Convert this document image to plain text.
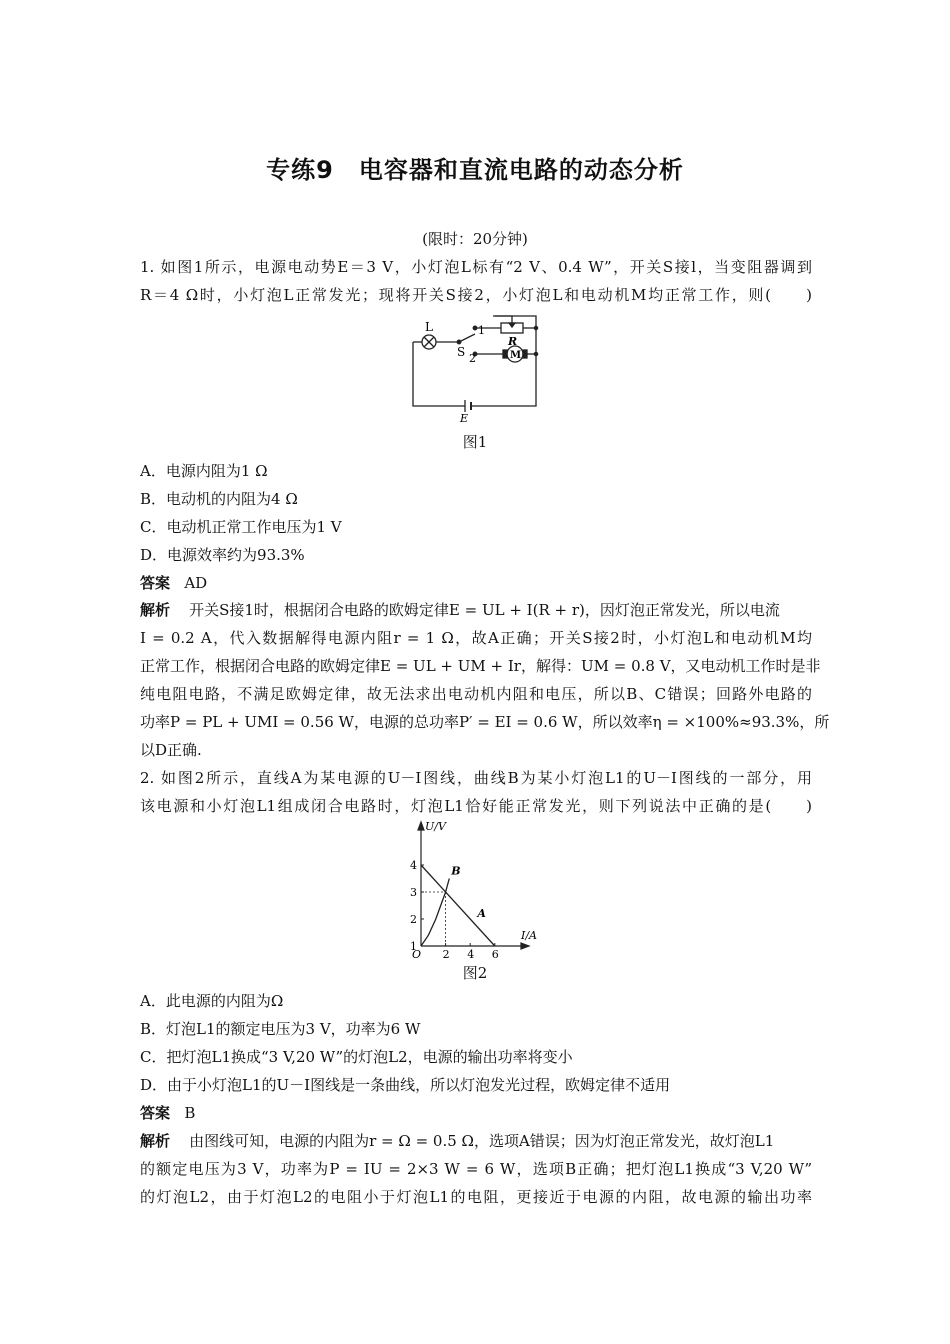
专练9　电容器和直流电路的动态分析
(限时：20分钟)
1. 如图1所示，电源电动势E＝3 V，小灯泡L标有“2 V、0.4 W”，开关S接l，当变阻器调到
R＝4 Ω时，小灯泡L正常发光；现将开关S接2，小灯泡L和电动机M均正常工作，则(　　)
L
S
1
2
R
M
E
图1
A．电源内阻为1 Ω
B．电动机的内阻为4 Ω
C．电动机正常工作电压为1 V
D．电源效率约为93.3%
答案 AD
解析 开关S接1时，根据闭合电路的欧姆定律E = UL + I(R + r)，因灯泡正常发光，所以电流
I = 0.2 A，代入数据解得电源内阻r = 1 Ω，故A正确；开关S接2时，小灯泡L和电动机M均
正常工作，根据闭合电路的欧姆定律E = UL + UM + Ir，解得：UM = 0.8 V，又电动机工作时是非
纯电阻电路，不满足欧姆定律，故无法求出电动机内阻和电压，所以B、C错误；回路外电路的
功率P = PL + UMI = 0.56 W，电源的总功率P′ = EI = 0.6 W，所以效率η = ×100%≈93.3%，所
以D正确.
2. 如图2所示，直线A为某电源的U－I图线，曲线B为某小灯泡L1的U－I图线的一部分，用
该电源和小灯泡L1组成闭合电路时，灯泡L1恰好能正常发光，则下列说法中正确的是(　　)
A
B
2 4 6
1
2
3
4
O
U/V
I/A
图2
A．此电源的内阻为Ω
B．灯泡L1的额定电压为3 V，功率为6 W
C．把灯泡L1换成“3 V,20 W”的灯泡L2，电源的输出功率将变小
D．由于小灯泡L1的U－I图线是一条曲线，所以灯泡发光过程，欧姆定律不适用
答案 B
解析 由图线可知，电源的内阻为r = Ω = 0.5 Ω，选项A错误；因为灯泡正常发光，故灯泡L1
的额定电压为3 V，功率为P = IU = 2×3 W = 6 W，选项B正确；把灯泡L1换成“3 V,20 W”
的灯泡L2，由于灯泡L2的电阻小于灯泡L1的电阻，更接近于电源的内阻，故电源的输出功率
